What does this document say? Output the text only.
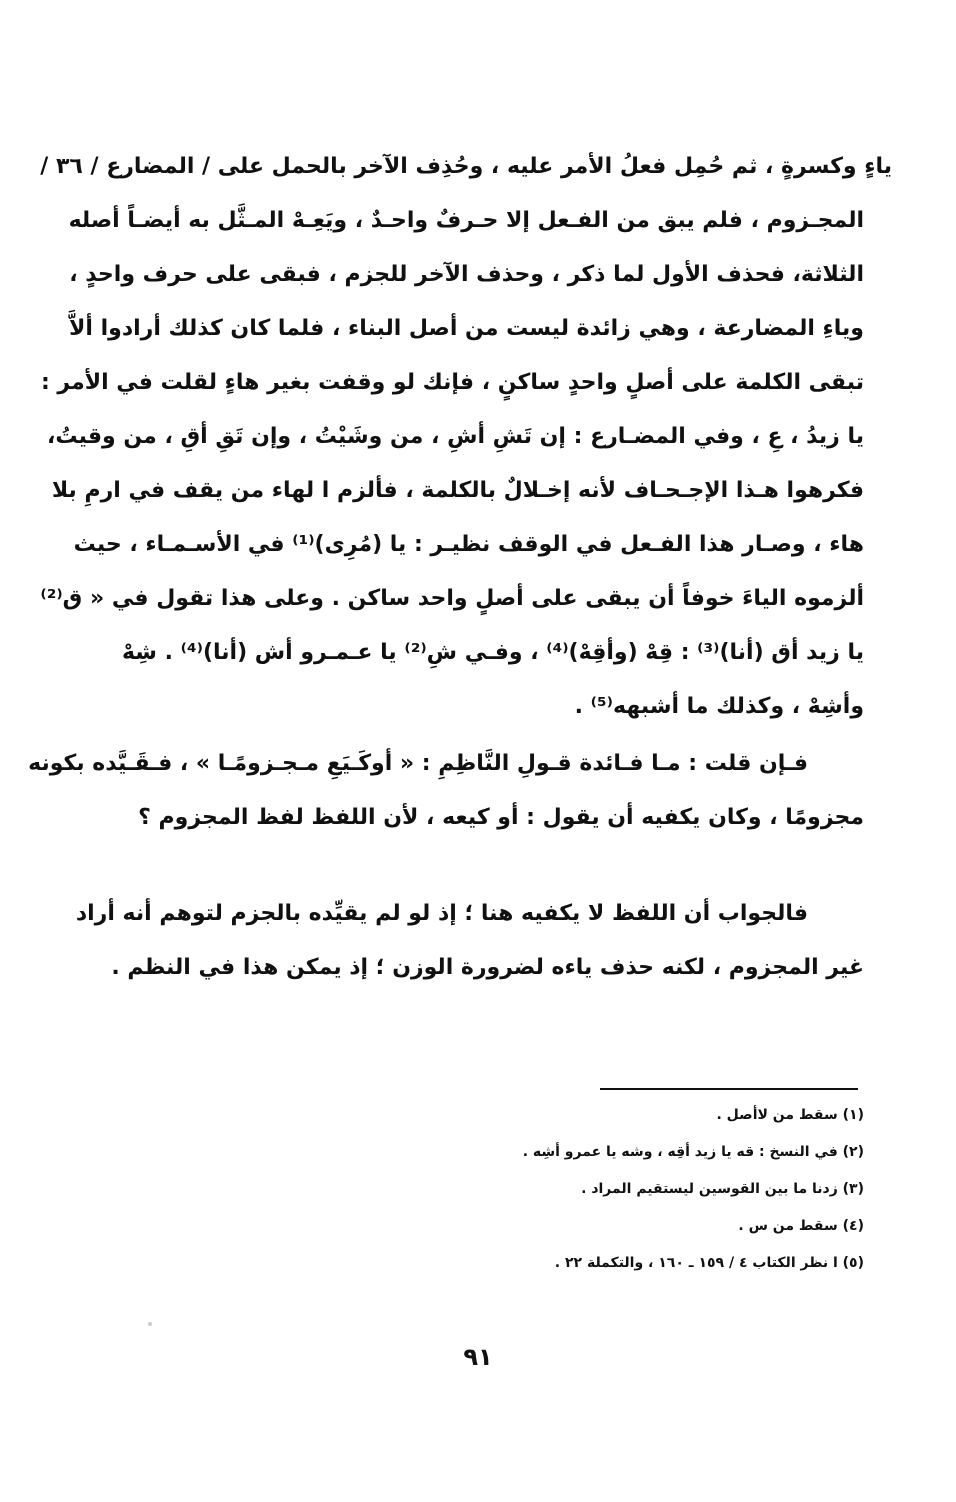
ياءٍ وكسرةٍ ، ثم حُمِل فعلُ الأمر عليه ، وحُذِف الآخر بالحمل على / المضارع / ٣٦ /
المجـزوم ، فلم يبق من الفـعل إلا حـرفٌ واحـدٌ ، ويَعِـهْ المـثَّل به أيضـاً أصله
الثلاثة، فحذف الأول لما ذكر ، وحذف الآخر للجزم ، فبقى على حرف واحدٍ ،
وياءِ المضارعة ، وهي زائدة ليست من أصل البناء ، فلما كان كذلك أرادوا ألاَّ
تبقى الكلمة على أصلٍ واحدٍ ساكنٍ ، فإنك لو وقفت بغير هاءٍ لقلت في الأمر :
يا زيدُ ، عِ ، وفي المضـارع : إن تَشِ أشِ ، من وشَيْتُ ، وإن تَقِ أقِ ، من وقيتُ،
فكرهوا هـذا الإجـحـاف لأنه إخـلالٌ بالكلمة ، فألزم ا لهاء من يقف في ارمِ بلا
هاء ، وصـار هذا الفـعل في الوقف نظيـر : يا (مُرِى)⁽¹⁾ في الأسـمـاء ، حيث
ألزموه الياءَ خوفاً أن يبقى على أصلٍ واحد ساكن . وعلى هذا تقول في « ق⁽²⁾
يا زيد أق (أنا)⁽³⁾ : قِهْ (وأقِهْ)⁽⁴⁾ ، وفـي شِ⁽²⁾ يا عـمـرو أش (أنا)⁽⁴⁾ . شِهْ
وأشِهْ ، وكذلك ما أشبهه⁽⁵⁾ .
فـإن قلت : مـا فـائدة قـولِ النَّاظِمِ : « أوكَـيَعِ مـجـزومًـا » ، فـقَـيَّده بكونه
مجزومًا ، وكان يكفيه أن يقول : أو كيعه ، لأن اللفظ لفظ المجزوم ؟
فالجواب أن اللفظ لا يكفيه هنا ؛ إذ لو لم يقيِّده بالجزم لتوهم أنه أراد
غير المجزوم ، لكنه حذف ياءه لضرورة الوزن ؛ إذ يمكن هذا في النظم .
(١) سقط من لاأصل .
(٢) في النسخ : قه يا زيد أقِه ، وشه يا عمرو أشِه .
(٣) زدنا ما بين القوسين ليستقيم المراد .
(٤) سقط من س .
(٥) ا نظر الكتاب ٤ / ١٥٩ ـ ١٦٠ ، والتكملة ٢٢ .
٩١
